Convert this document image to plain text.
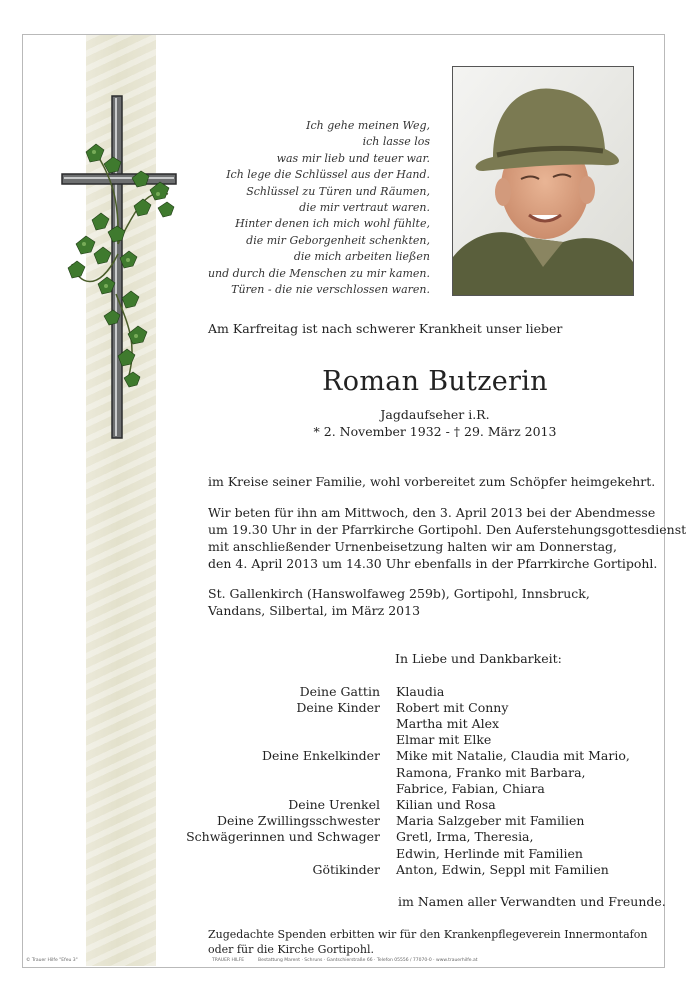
Ich gehe meinen Weg,
ich lasse los
was mir lieb und teuer war.
Ich lege die Schlüssel aus der Hand.
Schlüssel zu Türen und Räumen,
die mir vertraut waren.
Hinter denen ich mich wohl fühlte,
die mir Geborgenheit schenkten,
die mich arbeiten ließen
und durch die Menschen zu mir kamen.
Türen - die nie verschlossen waren.
Am Karfreitag ist nach schwerer Krankheit unser lieber
Roman Butzerin
Jagdaufseher i.R.
* 2. November 1932 - † 29. März 2013
im Kreise seiner Familie, wohl vorbereitet zum Schöpfer heimgekehrt.
Wir beten für ihn am Mittwoch, den 3. April 2013 bei der Abendmesse
um 19.30 Uhr in der Pfarrkirche Gortipohl. Den Auferstehungsgottesdienst
mit anschließender Urnenbeisetzung halten wir am Donnerstag,
den 4. April 2013 um 14.30 Uhr ebenfalls in der Pfarrkirche Gortipohl.
St. Gallenkirch (Hanswolfaweg 259b), Gortipohl, Innsbruck,
Vandans, Silbertal, im März 2013
In Liebe und Dankbarkeit:
Deine Gattin Klaudia
Deine Kinder Robert mit Conny
Martha mit Alex
Elmar mit Elke
Deine Enkelkinder Mike mit Natalie, Claudia mit Mario,
Ramona, Franko mit Barbara,
Fabrice, Fabian, Chiara
Deine Urenkel Kilian und Rosa
Deine Zwillingsschwester Maria Salzgeber mit Familien
Schwägerinnen und Schwager Gretl, Irma, Theresia,
Edwin, Herlinde mit Familien
Götikinder Anton, Edwin, Seppl mit Familien
im Namen aller Verwandten und Freunde.
Zugedachte Spenden erbitten wir für den Krankenpflegeverein Innermontafon
oder für die Kirche Gortipohl.
© Trauer Hilfe "Efeu 3"	TRAUER HILFE	Bestattung Marent · Schruns · Gantschierstraße 66 · Telefon 05556 / 77070-0 · www.trauerhilfe.at
